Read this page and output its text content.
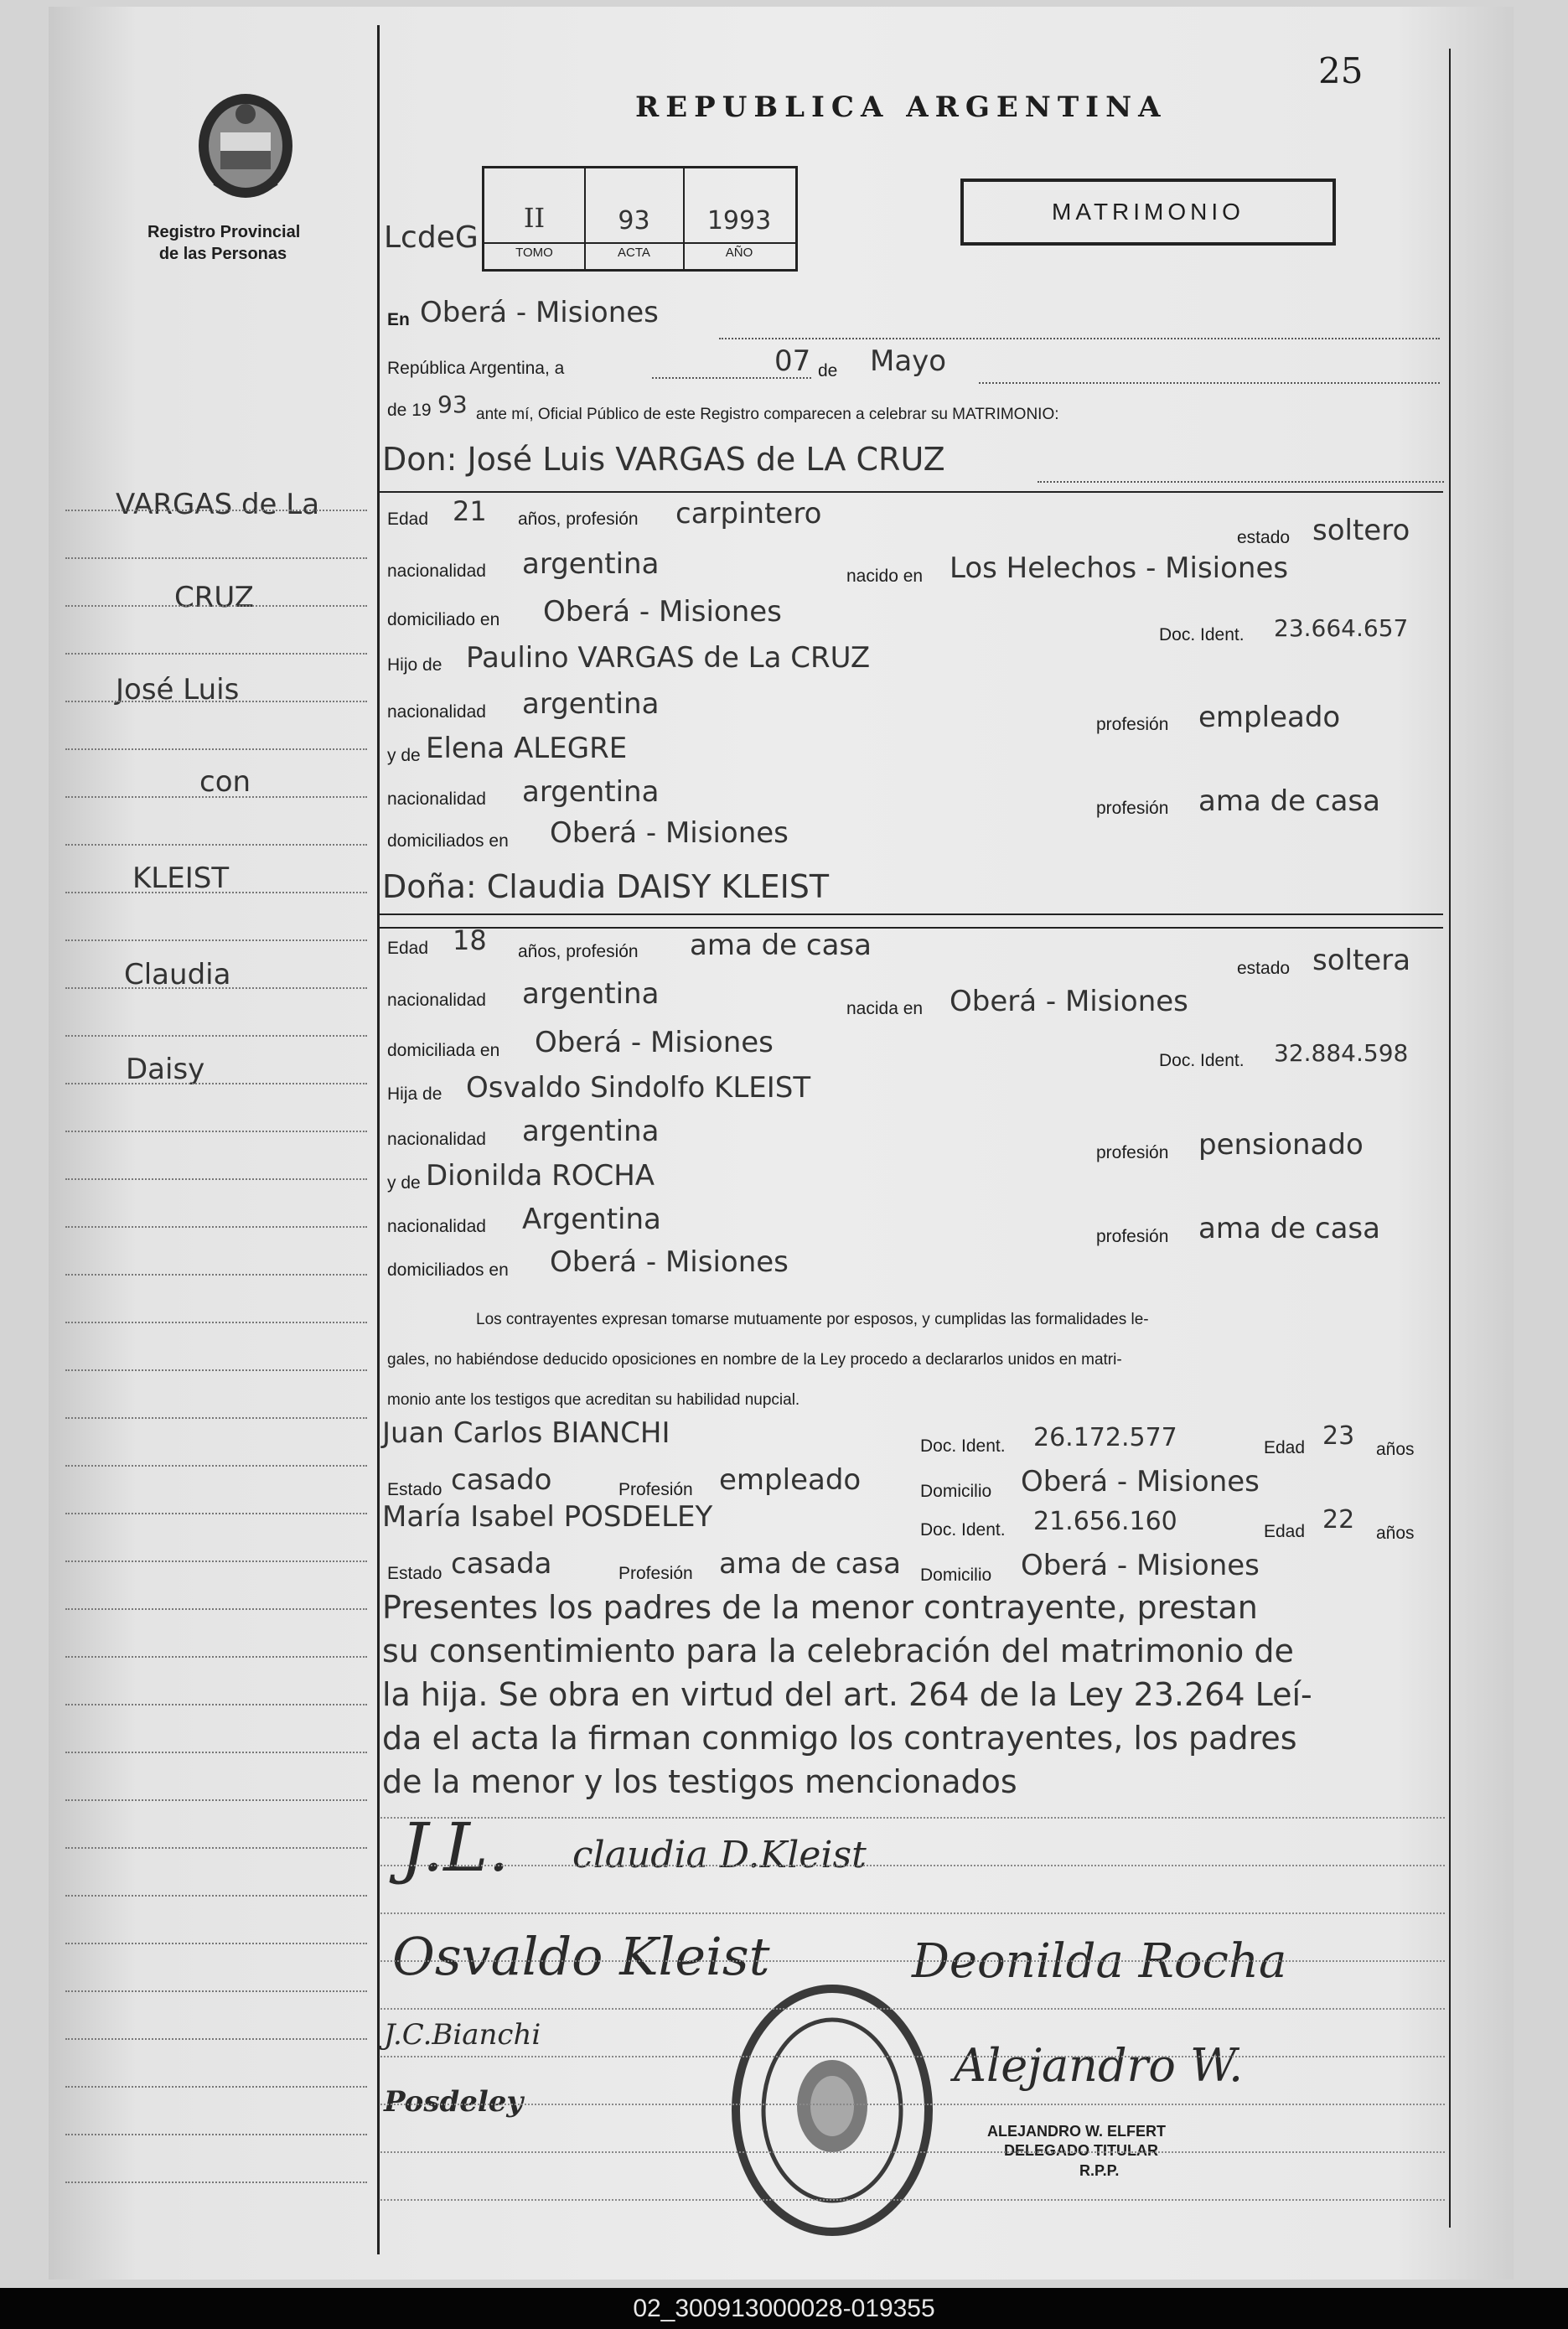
25
REPUBLICA ARGENTINA
Registro Provincial
de las Personas	LcdeG
II	93	1993
TOMO	ACTA	AÑO
MATRIMONIO
En Oberá - Misiones
República Argentina, a	07 de Mayo
de 19 93 ante mí, Oficial Público de este Registro comparecen a celebrar su MATRIMONIO:
Don: José Luis VARGAS de LA CRUZ
VARGAS de La
CRUZ
José Luis
con
KLEIST
Claudia
Daisy
Edad 21 años, profesión carpintero
estado soltero
nacionalidad argentina	nacido en Los Helechos - Misiones
domiciliado en Oberá - Misiones
Doc. Ident. 23.664.657
Hijo de Paulino VARGAS de La CRUZ
nacionalidad argentina
profesión empleado
y de Elena ALEGRE
nacionalidad argentina	profesión ama de casa
domiciliados en Oberá - Misiones
Doña: Claudia DAISY KLEIST
Edad 18 años, profesión ama de casa
estado soltera
nacionalidad argentina	nacida en Oberá - Misiones
domiciliada en Oberá - Misiones
Doc. Ident. 32.884.598
Hija de Osvaldo Sindolfo KLEIST
nacionalidad argentina
profesión pensionado
y de Dionilda ROCHA
nacionalidad Argentina
profesión ama de casa
domiciliados en Oberá - Misiones
Los contrayentes expresan tomarse mutuamente por esposos, y cumplidas las formalidades le-
gales, no habiéndose deducido oposiciones en nombre de la Ley procedo a declararlos unidos en matri-
monio ante los testigos que acreditan su habilidad nupcial.
Juan Carlos BIANCHI	Doc. Ident. 26.172.577	Edad 23 años
Estado casado	Profesión empleado	Domicilio Oberá - Misiones
María Isabel POSDELEY	Doc. Ident. 21.656.160	Edad 22 años
Estado casada	Profesión ama de casa Domicilio Oberá - Misiones
Presentes los padres de la menor contrayente, prestan
su consentimiento para la celebración del matrimonio de
la hija. Se obra en virtud del art. 264 de la Ley 23.264 Leí-
da el acta la firman conmigo los contrayentes, los padres
de la menor y los testigos mencionados
J.L. claudia D.Kleist
Osvaldo Kleist	Deonilda Rocha
J.C.Bianchi
Posdeley
Alejandro W.
ALEJANDRO W. ELFERT
DELEGADO TITULAR
R.P.P.
02_300913000028-019355
